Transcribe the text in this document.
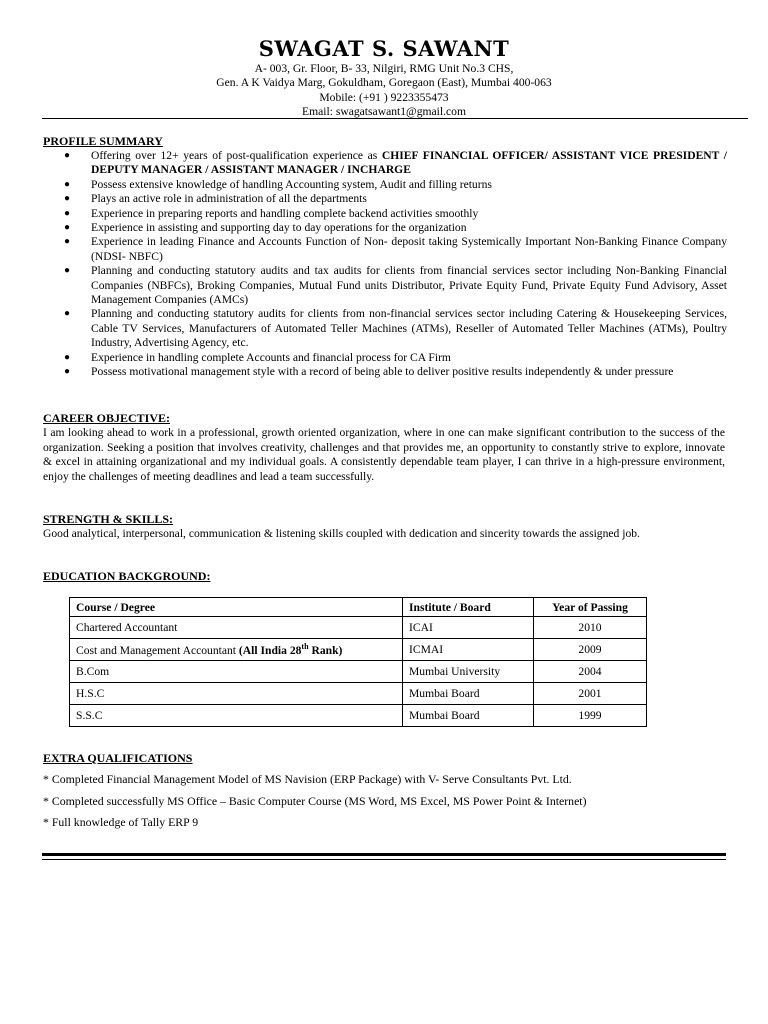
SWAGAT S. SAWANT
A- 003, Gr. Floor, B- 33, Nilgiri, RMG Unit No.3 CHS,
Gen. A K Vaidya Marg, Gokuldham, Goregaon (East), Mumbai 400-063
Mobile: (+91 ) 9223355473
Email: swagatsawant1@gmail.com
PROFILE SUMMARY
● Offering over 12+ years of post-qualification experience as CHIEF FINANCIAL OFFICER/ ASSISTANT VICE PRESIDENT / DEPUTY MANAGER / ASSISTANT MANAGER / INCHARGE
● Possess extensive knowledge of handling Accounting system, Audit and filling returns
● Plays an active role in administration of all the departments
● Experience in preparing reports and handling complete backend activities smoothly
● Experience in assisting and supporting day to day operations for the organization
● Experience in leading Finance and Accounts Function of Non- deposit taking Systemically Important Non-Banking Finance Company (NDSI- NBFC)
● Planning and conducting statutory audits and tax audits for clients from financial services sector including Non-Banking Financial Companies (NBFCs), Broking Companies, Mutual Fund units Distributor, Private Equity Fund, Private Equity Fund Advisory, Asset Management Companies (AMCs)
● Planning and conducting statutory audits for clients from non-financial services sector including Catering & Housekeeping Services, Cable TV Services, Manufacturers of Automated Teller Machines (ATMs), Reseller of Automated Teller Machines (ATMs), Poultry Industry, Advertising Agency, etc.
● Experience in handling complete Accounts and financial process for CA Firm
● Possess motivational management style with a record of being able to deliver positive results independently & under pressure
CAREER OBJECTIVE:

I am looking ahead to work in a professional, growth oriented organization, where in one can make significant contribution to the success of the organization. Seeking a position that involves creativity, challenges and that provides me, an opportunity to constantly strive to explore, innovate & excel in attaining organizational and my individual goals. A consistently dependable team player, I can thrive in a high-pressure environment, enjoy the challenges of meeting deadlines and lead a team successfully.

STRENGTH & SKILLS:

Good analytical, interpersonal, communication & listening skills coupled with dedication and sincerity towards the assigned job.

EDUCATION BACKGROUND:
Course / Degree	Institute / Board	Year of Passing
Chartered Accountant	ICAI	2010
Cost and Management Accountant (All India 28th Rank)	ICMAI	2009
B.Com	Mumbai University	2004
H.S.C	Mumbai Board	2001
S.S.C	Mumbai Board	1999
EXTRA QUALIFICATIONS
* Completed Financial Management Model of MS Navision (ERP Package) with V- Serve Consultants Pvt. Ltd.
* Completed successfully MS Office – Basic Computer Course (MS Word, MS Excel, MS Power Point & Internet)
* Full knowledge of Tally ERP 9
